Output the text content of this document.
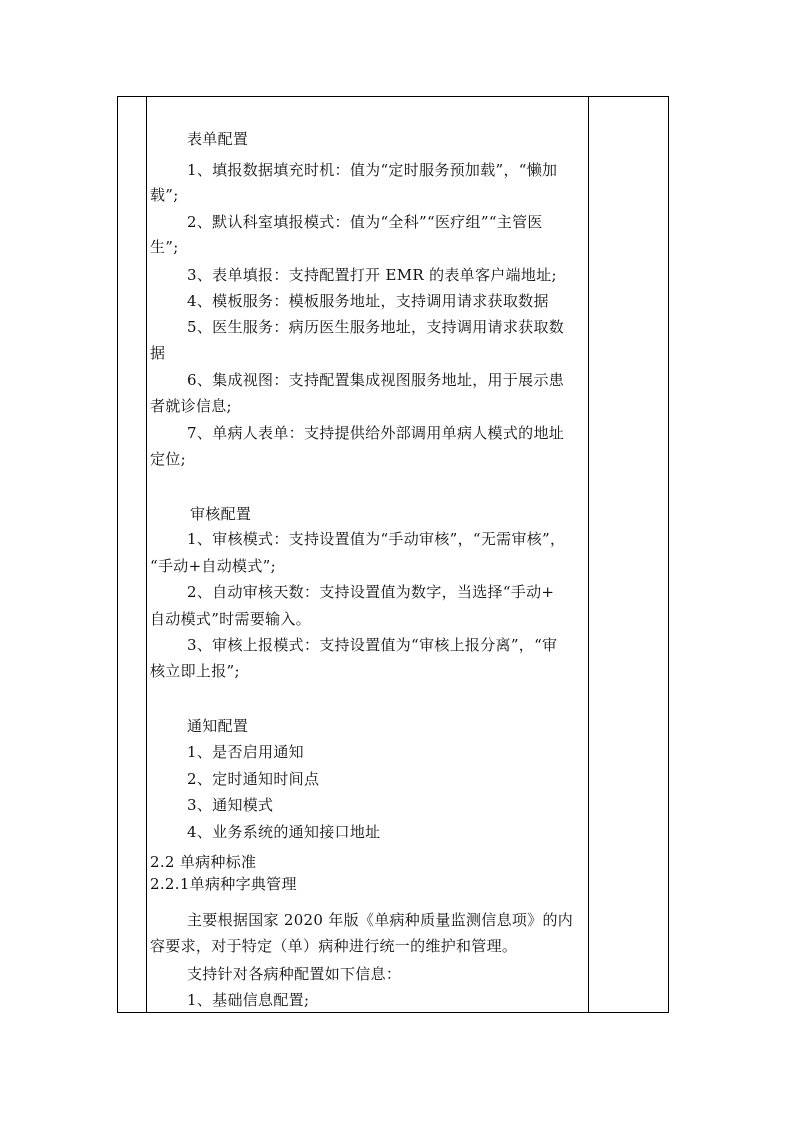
表单配置
1、填报数据填充时机：值为“定时服务预加载”，“懒加
载”;
2、默认科室填报模式：值为“全科”“医疗组”“主管医
生”;
3、表单填报：支持配置打开 EMR 的表单客户端地址;
4、模板服务：模板服务地址，支持调用请求获取数据
5、医生服务：病历医生服务地址，支持调用请求获取数
据
6、集成视图：支持配置集成视图服务地址，用于展示患
者就诊信息;
7、单病人表单：支持提供给外部调用单病人模式的地址
定位;
审核配置
1、审核模式：支持设置值为“手动审核”，“无需审核”，
“手动+自动模式”;
2、自动审核天数：支持设置值为数字，当选择“手动+
自动模式”时需要输入。
3、审核上报模式：支持设置值为“审核上报分离”，“审
核立即上报”;
通知配置
1、是否启用通知
2、定时通知时间点
3、通知模式
4、业务系统的通知接口地址
2.2 单病种标准
2.2.1单病种字典管理
主要根据国家 2020 年版《单病种质量监测信息项》的内
容要求，对于特定（单）病种进行统一的维护和管理。
支持针对各病种配置如下信息：
1、基础信息配置;
